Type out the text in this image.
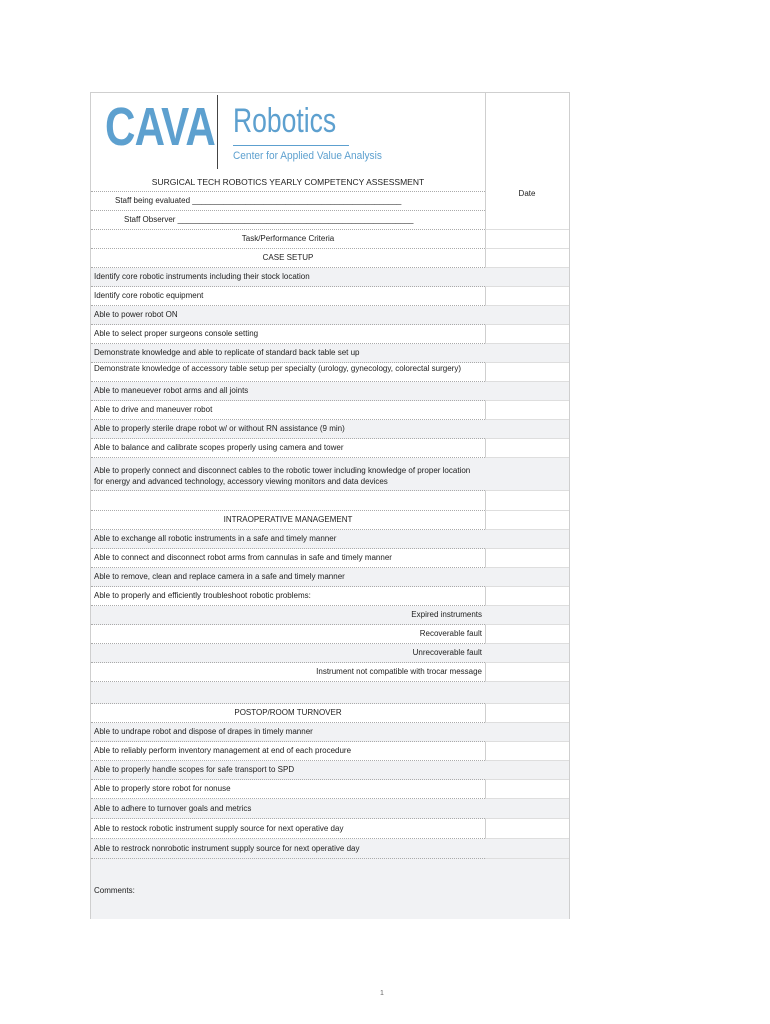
CAVA Robotics
Center for Applied Value Analysis
Date
SURGICAL TECH ROBOTICS YEARLY COMPETENCY ASSESSMENT
Staff being evaluated _______________________________________________
Staff Observer _____________________________________________________
Task/Performance Criteria
CASE SETUP
Identify core robotic instruments including their stock location
Identify core robotic equipment
Able to power robot ON
Able to select proper surgeons console setting
Demonstrate knowledge and able to replicate of standard back table set up
Demonstrate knowledge of accessory table setup per specialty (urology, gynecology, colorectal surgery)
Able to maneuever robot arms and all joints
Able to drive and maneuver robot
Able to properly sterile drape robot w/ or without RN assistance (9 min)
Able to balance and calibrate scopes properly using camera and tower
Able to properly connect and disconnect cables to the robotic tower including knowledge of proper location for energy and advanced technology, accessory viewing monitors and data devices
INTRAOPERATIVE MANAGEMENT
Able to exchange all robotic instruments in a safe and timely manner
Able to connect and disconnect robot arms from cannulas in safe and timely manner
Able to remove, clean and replace camera in a safe and timely manner
Able to properly and efficiently troubleshoot robotic problems:
Expired instruments
Recoverable fault
Unrecoverable fault
Instrument not compatible with trocar message
POSTOP/ROOM TURNOVER
Able to undrape robot and dispose of drapes in timely manner
Able to reliably perform inventory management at end of each procedure
Able to properly handle scopes for safe transport to SPD
Able to properly store robot for nonuse
Able to adhere to turnover goals and metrics
Able to restock robotic instrument supply source for next operative day
Able to restrock nonrobotic instrument supply source for next operative day
Comments:
1
